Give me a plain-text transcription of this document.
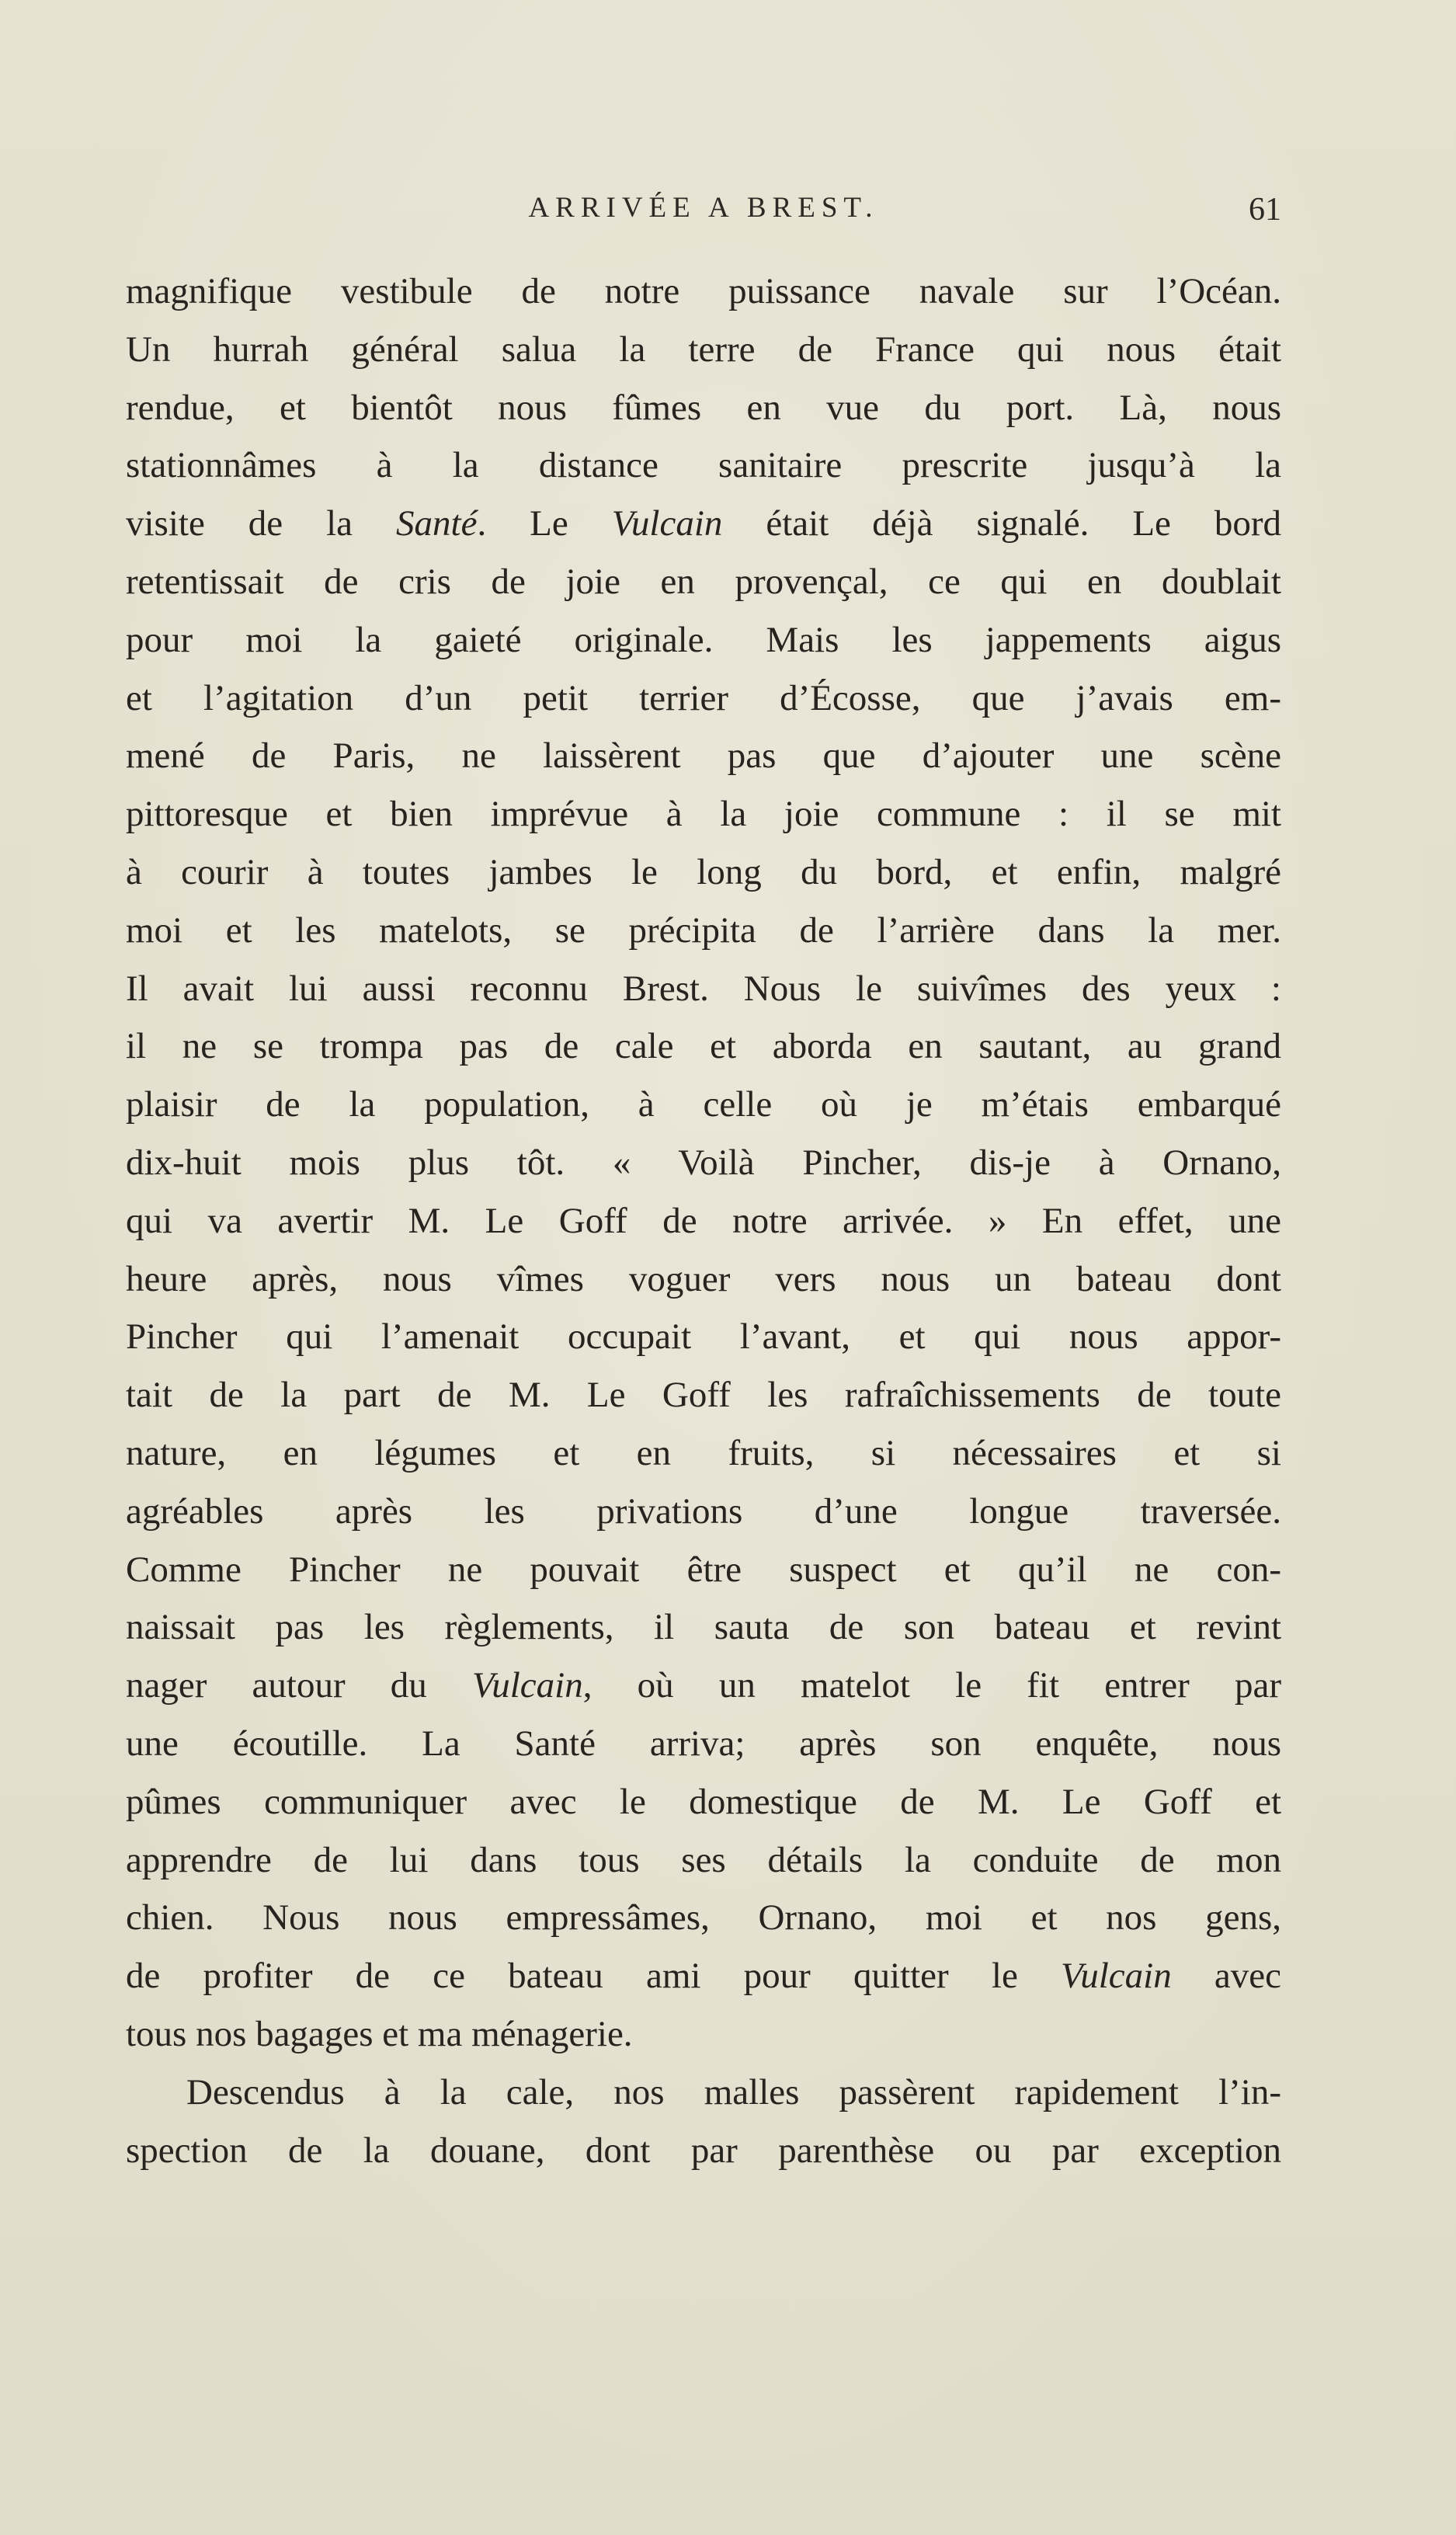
ARRIVÉE A BREST.	61
magnifique vestibule de notre puissance navale sur l’Océan.
Un hurrah général salua la terre de France qui nous était
rendue, et bientôt nous fûmes en vue du port. Là, nous
stationnâmes à la distance sanitaire prescrite jusqu’à la
visite de la Santé. Le Vulcain était déjà signalé. Le bord
retentissait de cris de joie en provençal, ce qui en doublait
pour moi la gaieté originale. Mais les jappements aigus
et l’agitation d’un petit terrier d’Écosse, que j’avais em-
mené de Paris, ne laissèrent pas que d’ajouter une scène
pittoresque et bien imprévue à la joie commune : il se mit
à courir à toutes jambes le long du bord, et enfin, malgré
moi et les matelots, se précipita de l’arrière dans la mer.
Il avait lui aussi reconnu Brest. Nous le suivîmes des yeux :
il ne se trompa pas de cale et aborda en sautant, au grand
plaisir de la population, à celle où je m’étais embarqué
dix-huit mois plus tôt. « Voilà Pincher, dis-je à Ornano,
qui va avertir M. Le Goff de notre arrivée. » En effet, une
heure après, nous vîmes voguer vers nous un bateau dont
Pincher qui l’amenait occupait l’avant, et qui nous appor-
tait de la part de M. Le Goff les rafraîchissements de toute
nature, en légumes et en fruits, si nécessaires et si
agréables après les privations d’une longue traversée.
Comme Pincher ne pouvait être suspect et qu’il ne con-
naissait pas les règlements, il sauta de son bateau et revint
nager autour du Vulcain, où un matelot le fit entrer par
une écoutille. La Santé arriva; après son enquête, nous
pûmes communiquer avec le domestique de M. Le Goff et
apprendre de lui dans tous ses détails la conduite de mon
chien. Nous nous empressâmes, Ornano, moi et nos gens,
de profiter de ce bateau ami pour quitter le Vulcain avec
tous nos bagages et ma ménagerie.
Descendus à la cale, nos malles passèrent rapidement l’in-
spection de la douane, dont par parenthèse ou par exception
